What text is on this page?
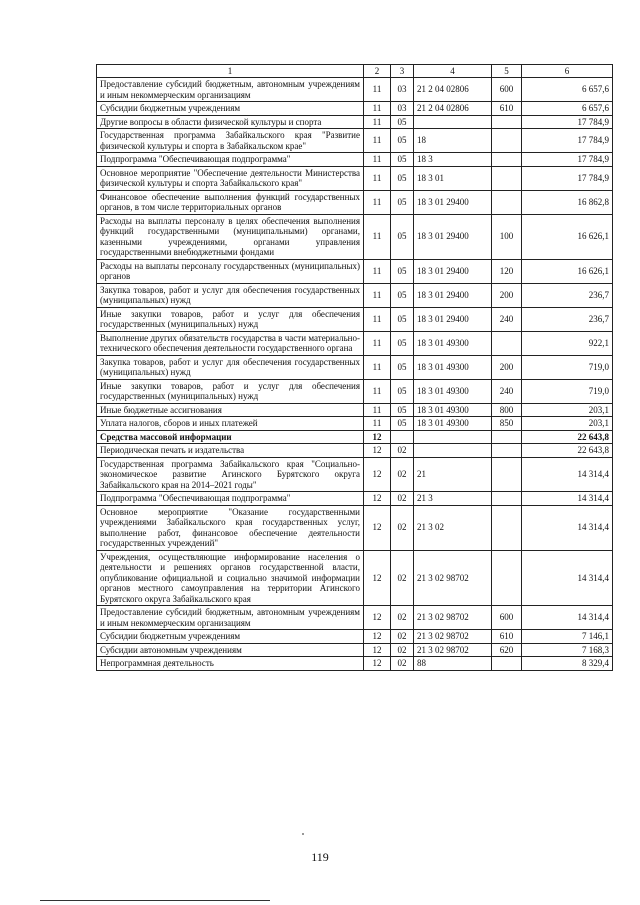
1	2	3	4	5	6
Предоставление субсидий бюджетным, автономным учреждениям и иным некоммерческим организациям	11	03	21 2 04 02806	600	6 657,6
Субсидии бюджетным учреждениям	11	03	21 2 04 02806	610	6 657,6
Другие вопросы в области физической культуры и спорта	11	05			17 784,9
Государственная программа Забайкальского края "Развитие физической культуры и спорта в Забайкальском крае"	11	05	18		17 784,9
Подпрограмма "Обеспечивающая подпрограмма"	11	05	18 3		17 784,9
Основное мероприятие "Обеспечение деятельности Министерства физической культуры и спорта Забайкальского края"	11	05	18 3 01		17 784,9
Финансовое обеспечение выполнения функций государственных органов, в том числе территориальных органов	11	05	18 3 01 29400		16 862,8
Расходы на выплаты персоналу в целях обеспечения выполнения функций государственными (муниципальными) органами, казенными учреждениями, органами управления государственными внебюджетными фондами	11	05	18 3 01 29400	100	16 626,1
Расходы на выплаты персоналу государственных (муниципальных) органов	11	05	18 3 01 29400	120	16 626,1
Закупка товаров, работ и услуг для обеспечения государственных (муниципальных) нужд	11	05	18 3 01 29400	200	236,7
Иные закупки товаров, работ и услуг для обеспечения государственных (муниципальных) нужд	11	05	18 3 01 29400	240	236,7
Выполнение других обязательств государства в части материально-технического обеспечения деятельности государственного органа	11	05	18 3 01 49300		922,1
Закупка товаров, работ и услуг для обеспечения государственных (муниципальных) нужд	11	05	18 3 01 49300	200	719,0
Иные закупки товаров, работ и услуг для обеспечения государственных (муниципальных) нужд	11	05	18 3 01 49300	240	719,0
Иные бюджетные ассигнования	11	05	18 3 01 49300	800	203,1
Уплата налогов, сборов и иных платежей	11	05	18 3 01 49300	850	203,1
Средства массовой информации	12				22 643,8
Периодическая печать и издательства	12	02			22 643,8
Государственная программа Забайкальского края "Социально-экономическое развитие Агинского Бурятского округа Забайкальского края на 2014–2021 годы"	12	02	21		14 314,4
Подпрограмма "Обеспечивающая подпрограмма"	12	02	21 3		14 314,4
Основное мероприятие "Оказание государственными учреждениями Забайкальского края государственных услуг, выполнение работ, финансовое обеспечение деятельности государственных учреждений"	12	02	21 3 02		14 314,4
Учреждения, осуществляющие информирование населения о деятельности и решениях органов государственной власти, опубликование официальной и социально значимой информации органов местного самоуправления на территории Агинского Бурятского округа Забайкальского края	12	02	21 3 02 98702		14 314,4
Предоставление субсидий бюджетным, автономным учреждениям и иным некоммерческим организациям	12	02	21 3 02 98702	600	14 314,4
Субсидии бюджетным учреждениям	12	02	21 3 02 98702	610	7 146,1
Субсидии автономным учреждениям	12	02	21 3 02 98702	620	7 168,3
Непрограммная деятельность	12	02	88		8 329,4
119
